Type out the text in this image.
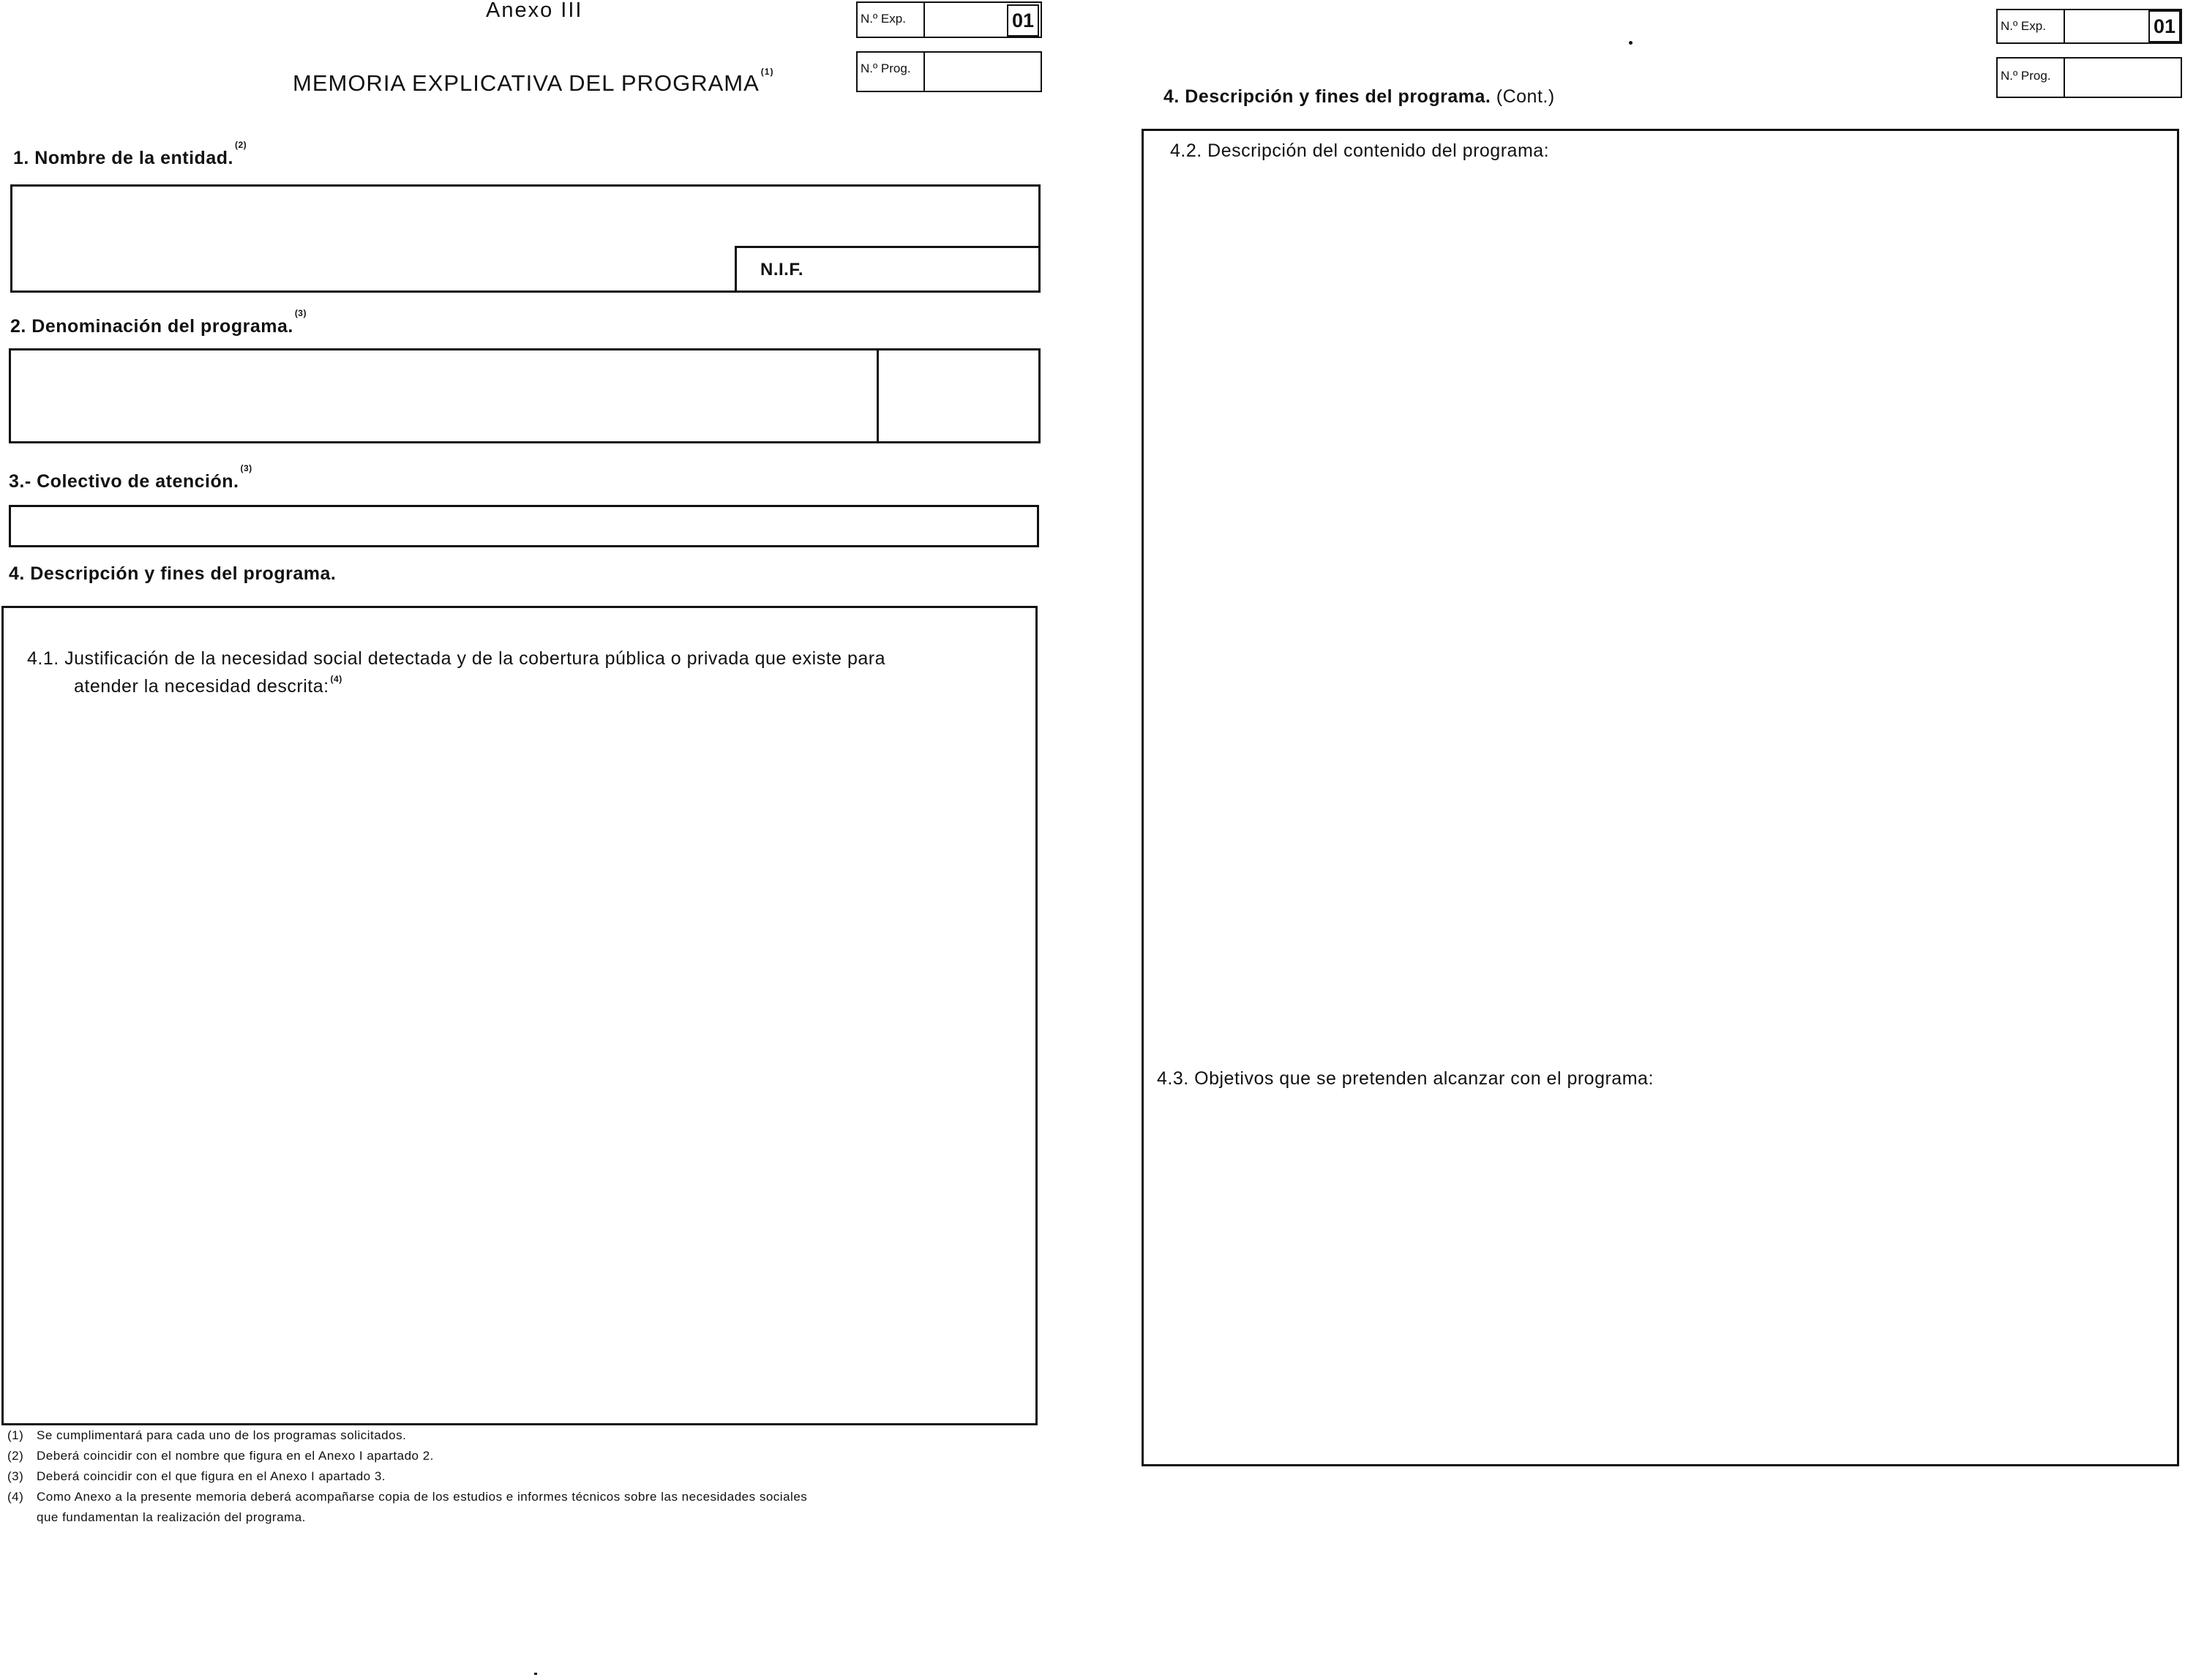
Anexo III	N.º Exp.	01
N.º Prog.
MEMORIA EXPLICATIVA DEL PROGRAMA $^{(1)}$
1. Nombre de la entidad.$^{(2)}$
N.I.F.
2. Denominación del programa.$^{(3)}$
3.- Colectivo de atención.$^{(3)}$
4. Descripción y fines del programa.
4.1. Justificación de la necesidad social detectada y de la cobertura pública o privada que existe para
atender la necesidad descrita: $^{(4)}$
(1) Se cumplimentará para cada uno de los programas solicitados.
(2) Deberá coincidir con el nombre que figura en el Anexo I apartado 2.
(3) Deberá coincidir con el que figura en el Anexo I apartado 3.
(4) Como Anexo a la presente memoria deberá acompañarse copia de los estudios e informes técnicos sobre las necesidades sociales
que fundamentan la realización del programa.
N.º Exp.	01
N.º Prog.
4. Descripción y fines del programa. (Cont.)
4.2. Descripción del contenido del programa:
4.3. Objetivos que se pretenden alcanzar con el programa:
